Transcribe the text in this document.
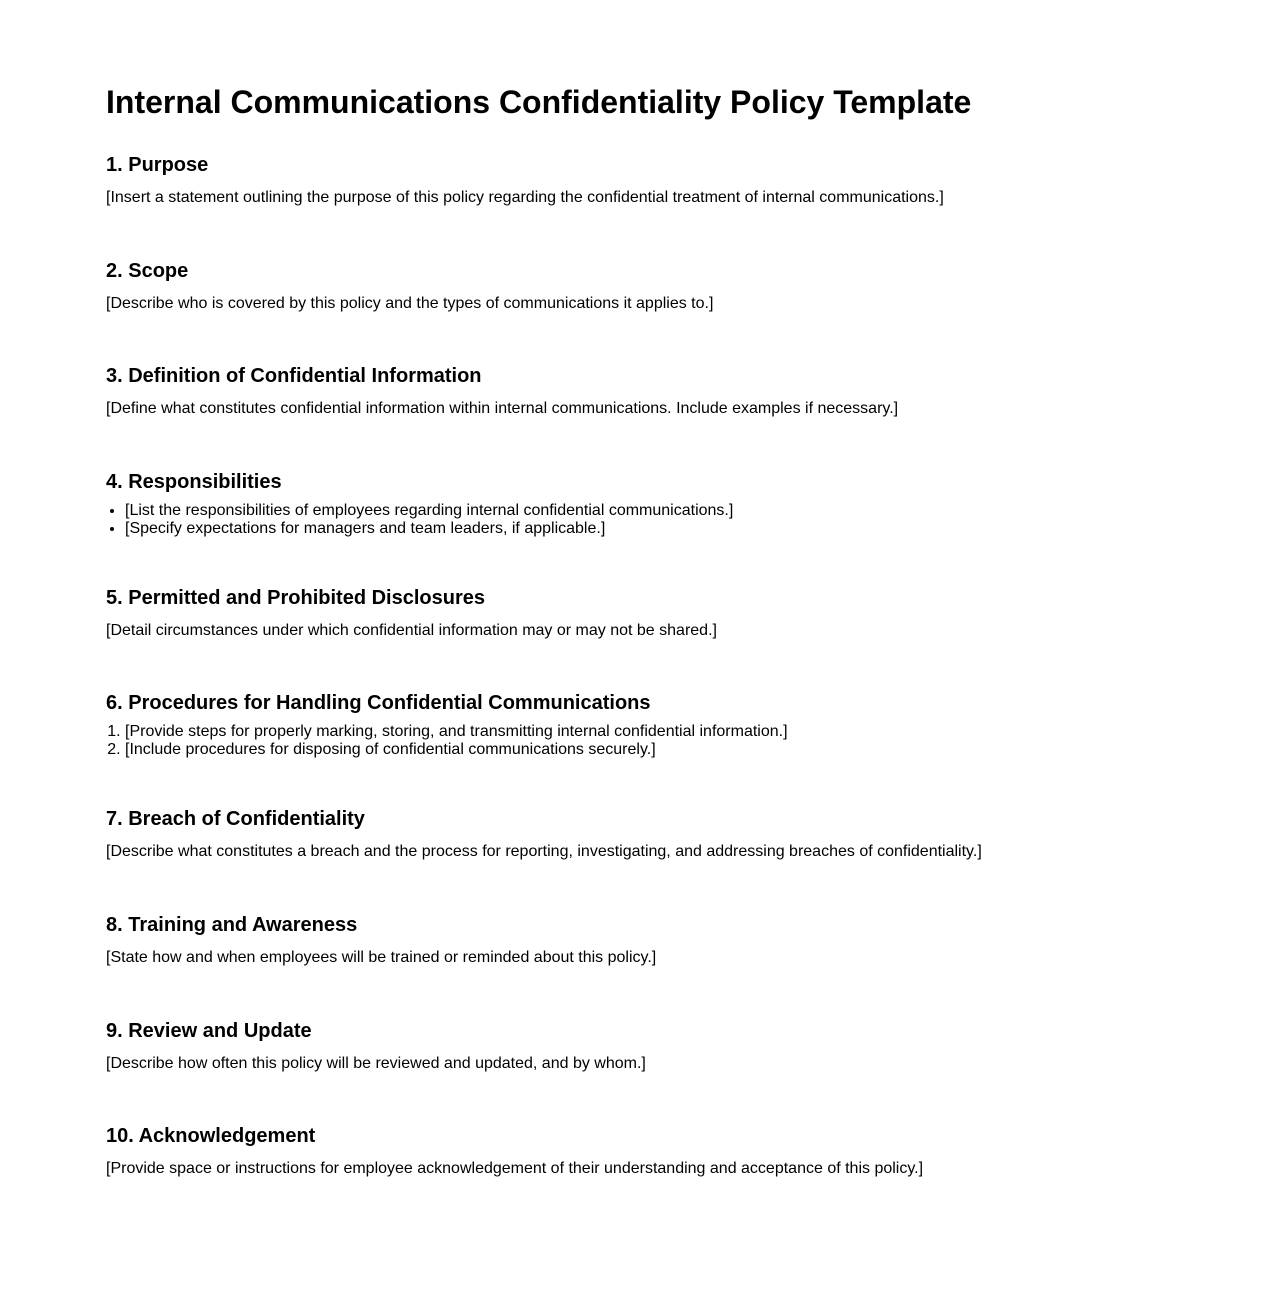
Internal Communications Confidentiality Policy Template
1. Purpose

[Insert a statement outlining the purpose of this policy regarding the confidential treatment of internal communications.]

2. Scope

[Describe who is covered by this policy and the types of communications it applies to.]

3. Definition of Confidential Information

[Define what constitutes confidential information within internal communications. Include examples if necessary.]

4. Responsibilities
• [List the responsibilities of employees regarding internal confidential communications.]
• [Specify expectations for managers and team leaders, if applicable.]
5. Permitted and Prohibited Disclosures

[Detail circumstances under which confidential information may or may not be shared.]

6. Procedures for Handling Confidential Communications
1. [Provide steps for properly marking, storing, and transmitting internal confidential information.]
2. [Include procedures for disposing of confidential communications securely.]
7. Breach of Confidentiality

[Describe what constitutes a breach and the process for reporting, investigating, and addressing breaches of confidentiality.]

8. Training and Awareness

[State how and when employees will be trained or reminded about this policy.]

9. Review and Update

[Describe how often this policy will be reviewed and updated, and by whom.]

10. Acknowledgement

[Provide space or instructions for employee acknowledgement of their understanding and acceptance of this policy.]
